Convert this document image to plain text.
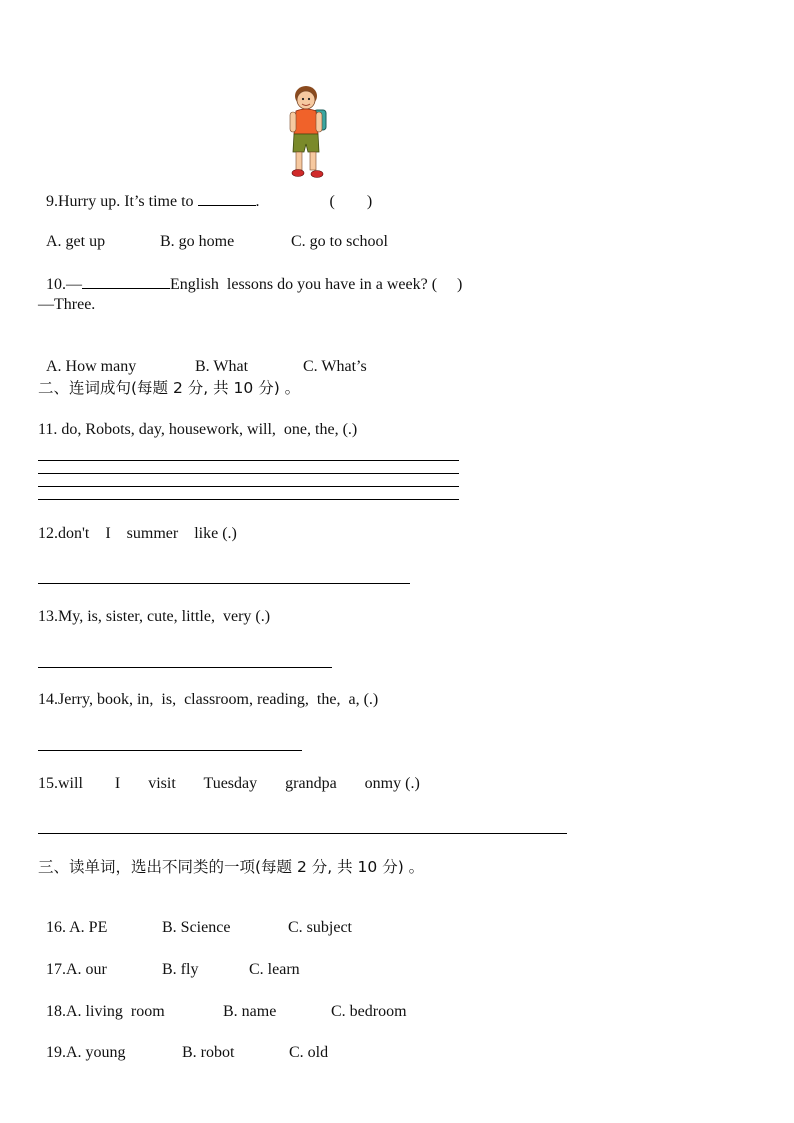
9.Hurry up. It’s time to	.	(        )

A. get up	B. go home	C. go to school

10.—	English  lessons do you have in a week? (     )

—Three.

A. How many	B. What	C. What’s

二、连词成句(每题 2 分, 共 10 分) 。
11. do, Robots, day, housework, will,  one, the, (.)
12.don't    I    summer    like (.)
13.My, is, sister, cute, little,  very (.)
14.Jerry, book, in,  is,  classroom, reading,  the,  a, (.)
15.will        I       visit       Tuesday       grandpa       onmy (.)
三、读单词，选出不同类的一项(每题 2 分, 共 10 分) 。

16. A. PE	B. Science	C. subject

17.A. our	B. fly	C. learn

18.A. living  room	B. name	C. bedroom

19.A. young	B. robot	C. old
